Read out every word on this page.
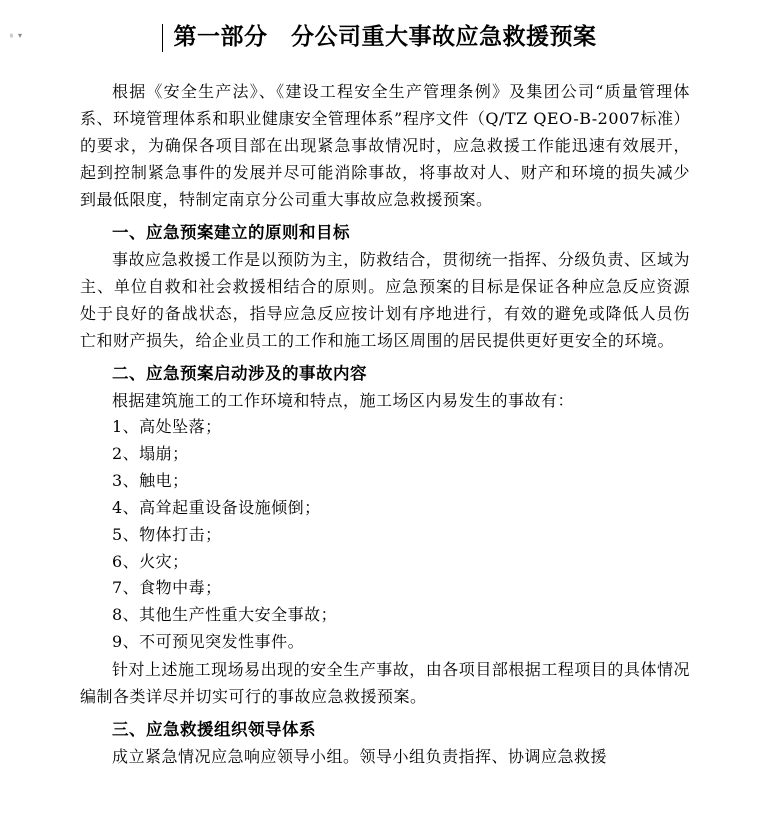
▾	第一部分　分公司重大事故应急救援预案

根据《安全生产法》、《建设工程安全生产管理条例》及集团公司“质量管理体系、环境管理体系和职业健康安全管理体系”程序文件（Q/TZ QEO-B-2007标准）的要求，为确保各项目部在出现紧急事故情况时，应急救援工作能迅速有效展开，起到控制紧急事件的发展并尽可能消除事故，将事故对人、财产和环境的损失减少到最低限度，特制定南京分公司重大事故应急救援预案。

一、应急预案建立的原则和目标

事故应急救援工作是以预防为主，防救结合，贯彻统一指挥、分级负责、区域为主、单位自救和社会救援相结合的原则。应急预案的目标是保证各种应急反应资源处于良好的备战状态，指导应急反应按计划有序地进行，有效的避免或降低人员伤亡和财产损失，给企业员工的工作和施工场区周围的居民提供更好更安全的环境。

二、应急预案启动涉及的事故内容

根据建筑施工的工作环境和特点，施工场区内易发生的事故有：

1、高处坠落；
2、塌崩；
3、触电；
4、高耸起重设备设施倾倒；
5、物体打击；
6、火灾；
7、食物中毒；
8、其他生产性重大安全事故；
9、不可预见突发性事件。

针对上述施工现场易出现的安全生产事故，由各项目部根据工程项目的具体情况编制各类详尽并切实可行的事故应急救援预案。

三、应急救援组织领导体系

成立紧急情况应急响应领导小组。领导小组负责指挥、协调应急救援
